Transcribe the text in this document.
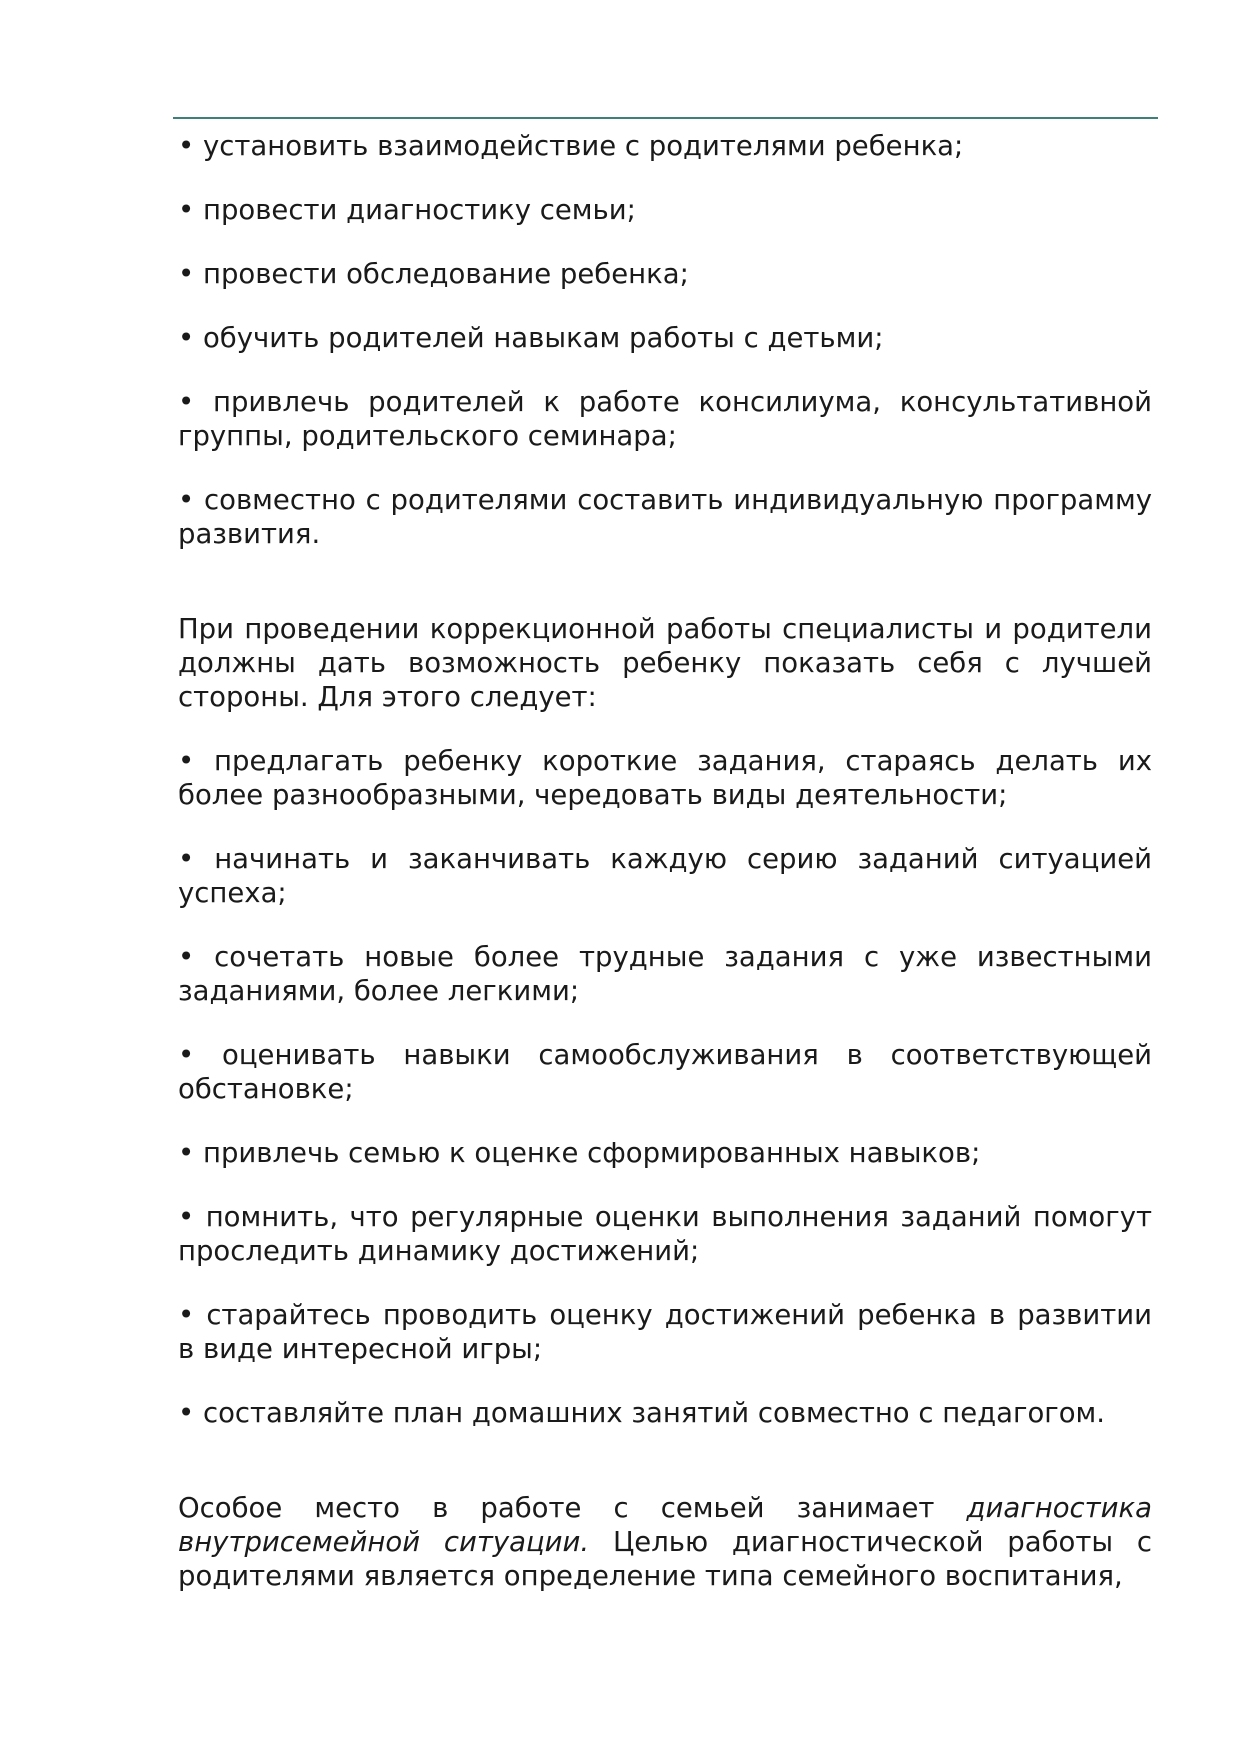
• установить взаимодействие с родителями ребенка;

• провести диагностику семьи;

• провести обследование ребенка;

• обучить родителей навыкам работы с детьми;

• привлечь родителей к работе консилиума, консультативной группы, родительского семинара;

• совместно с родителями составить индивидуальную программу развития.

При проведении коррекционной работы специалисты и родители должны дать возможность ребенку показать себя с лучшей стороны. Для этого следует:

• предлагать ребенку короткие задания, стараясь делать их более разнообразными, чередовать виды деятельности;

• начинать и заканчивать каждую серию заданий ситуацией успеха;

• сочетать новые более трудные задания с уже известными заданиями, более легкими;

• оценивать навыки самообслуживания в соответствующей обстановке;

• привлечь семью к оценке сформированных навыков;

• помнить, что регулярные оценки выполнения заданий помогут проследить динамику достижений;

• старайтесь проводить оценку достижений ребенка в развитии в виде интересной игры;

• составляйте план домашних занятий совместно с педагогом.

Особое место в работе с семьей занимает диагностика внутрисемейной ситуации. Целью диагностической работы с родителями является определение типа семейного воспитания,
